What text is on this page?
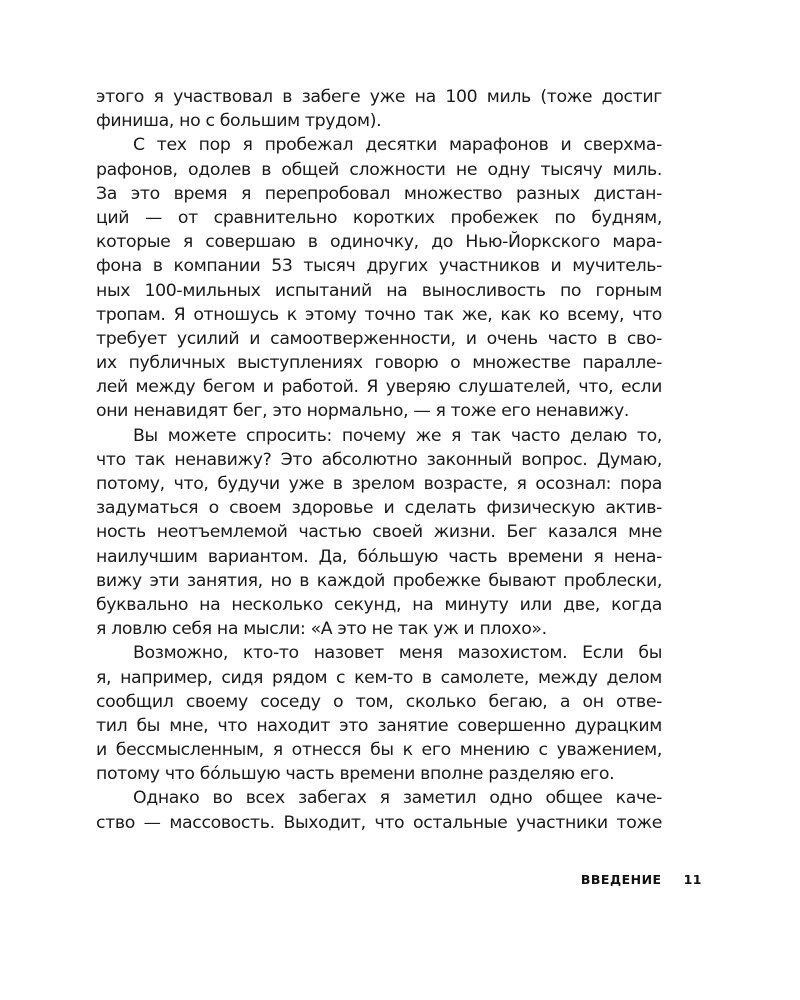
этого я участвовал в забеге уже на 100 миль (тоже достиг
финиша, но с большим трудом).
С тех пор я пробежал десятки марафонов и сверхма-
рафонов, одолев в общей сложности не одну тысячу миль.
За это время я перепробовал множество разных дистан-
ций — от сравнительно коротких пробежек по будням,
которые я совершаю в одиночку, до Нью-Йоркского мара-
фона в компании 53 тысяч других участников и мучитель-
ных 100-мильных испытаний на выносливость по горным
тропам. Я отношусь к этому точно так же, как ко всему, что
требует усилий и самоотверженности, и очень часто в сво-
их публичных выступлениях говорю о множестве паралле-
лей между бегом и работой. Я уверяю слушателей, что, если
они ненавидят бег, это нормально, — я тоже его ненавижу.
Вы можете спросить: почему же я так часто делаю то,
что так ненавижу? Это абсолютно законный вопрос. Думаю,
потому, что, будучи уже в зрелом возрасте, я осознал: пора
задуматься о своем здоровье и сделать физическую актив-
ность неотъемлемой частью своей жизни. Бег казался мне
наилучшим вариантом. Да, бóльшую часть времени я нена-
вижу эти занятия, но в каждой пробежке бывают проблески,
буквально на несколько секунд, на минуту или две, когда
я ловлю себя на мысли: «А это не так уж и плохо».
Возможно, кто-то назовет меня мазохистом. Если бы
я, например, сидя рядом с кем-то в самолете, между делом
сообщил своему соседу о том, сколько бегаю, а он отве-
тил бы мне, что находит это занятие совершенно дурацким
и бессмысленным, я отнесся бы к его мнению с уважением,
потому что бóльшую часть времени вполне разделяю его.
Однако во всех забегах я заметил одно общее каче-
ство — массовость. Выходит, что остальные участники тоже
ВВЕДЕНИЕ 11
